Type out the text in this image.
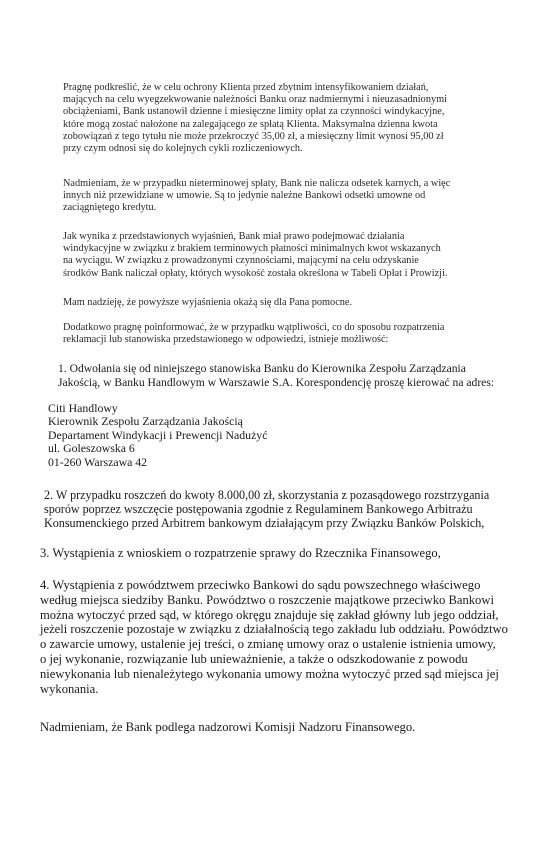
Pragnę podkreślić, że w celu ochrony Klienta przed zbytnim intensyfikowaniem działań,
mających na celu wyegzekwowanie należności Banku oraz nadmiernymi i nieuzasadnionymi
obciążeniami, Bank ustanowił dzienne i miesięczne limity opłat za czynności windykacyjne,
które mogą zostać nałożone na zalegającego ze spłatą Klienta. Maksymalna dzienna kwota
zobowiązań z tego tytułu nie może przekroczyć 35,00 zł, a miesięczny limit wynosi 95,00 zł
przy czym odnosi się do kolejnych cykli rozliczeniowych.

Nadmieniam, że w przypadku nieterminowej spłaty, Bank nie nalicza odsetek karnych, a więc
innych niż przewidziane w umowie. Są to jedynie należne Bankowi odsetki umowne od
zaciągniętego kredytu.

Jak wynika z przedstawionych wyjaśnień, Bank miał prawo podejmować działania
windykacyjne w związku z brakiem terminowych płatności minimalnych kwot wskazanych
na wyciągu. W związku z prowadzonymi czynnościami, mającymi na celu odzyskanie
środków Bank naliczał opłaty, których wysokość została określona w Tabeli Opłat i Prowizji.

Mam nadzieję, że powyższe wyjaśnienia okażą się dla Pana pomocne.

Dodatkowo pragnę poinformować, że w przypadku wątpliwości, co do sposobu rozpatrzenia
reklamacji lub stanowiska przedstawionego w odpowiedzi, istnieje możliwość:

1. Odwołania się od niniejszego stanowiska Banku do Kierownika Zespołu Zarządzania
Jakością, w Banku Handlowym w Warszawie S.A. Korespondencję proszę kierować na adres:

Citi Handlowy
Kierownik Zespołu Zarządzania Jakością
Departament Windykacji i Prewencji Nadużyć
ul. Goleszowska 6
01-260 Warszawa 42

2. W przypadku roszczeń do kwoty 8.000,00 zł, skorzystania z pozasądowego rozstrzygania
sporów poprzez wszczęcie postępowania zgodnie z Regulaminem Bankowego Arbitrażu
Konsumenckiego przed Arbitrem bankowym działającym przy Związku Banków Polskich,

3. Wystąpienia z wnioskiem o rozpatrzenie sprawy do Rzecznika Finansowego,

4. Wystąpienia z powództwem przeciwko Bankowi do sądu powszechnego właściwego
według miejsca siedziby Banku. Powództwo o roszczenie majątkowe przeciwko Bankowi
można wytoczyć przed sąd, w którego okręgu znajduje się zakład główny lub jego oddział,
jeżeli roszczenie pozostaje w związku z działalnością tego zakładu lub oddziału. Powództwo
o zawarcie umowy, ustalenie jej treści, o zmianę umowy oraz o ustalenie istnienia umowy,
o jej wykonanie, rozwiązanie lub unieważnienie, a także o odszkodowanie z powodu
niewykonania lub nienależytego wykonania umowy można wytoczyć przed sąd miejsca jej
wykonania.

Nadmieniam, że Bank podlega nadzorowi Komisji Nadzoru Finansowego.
